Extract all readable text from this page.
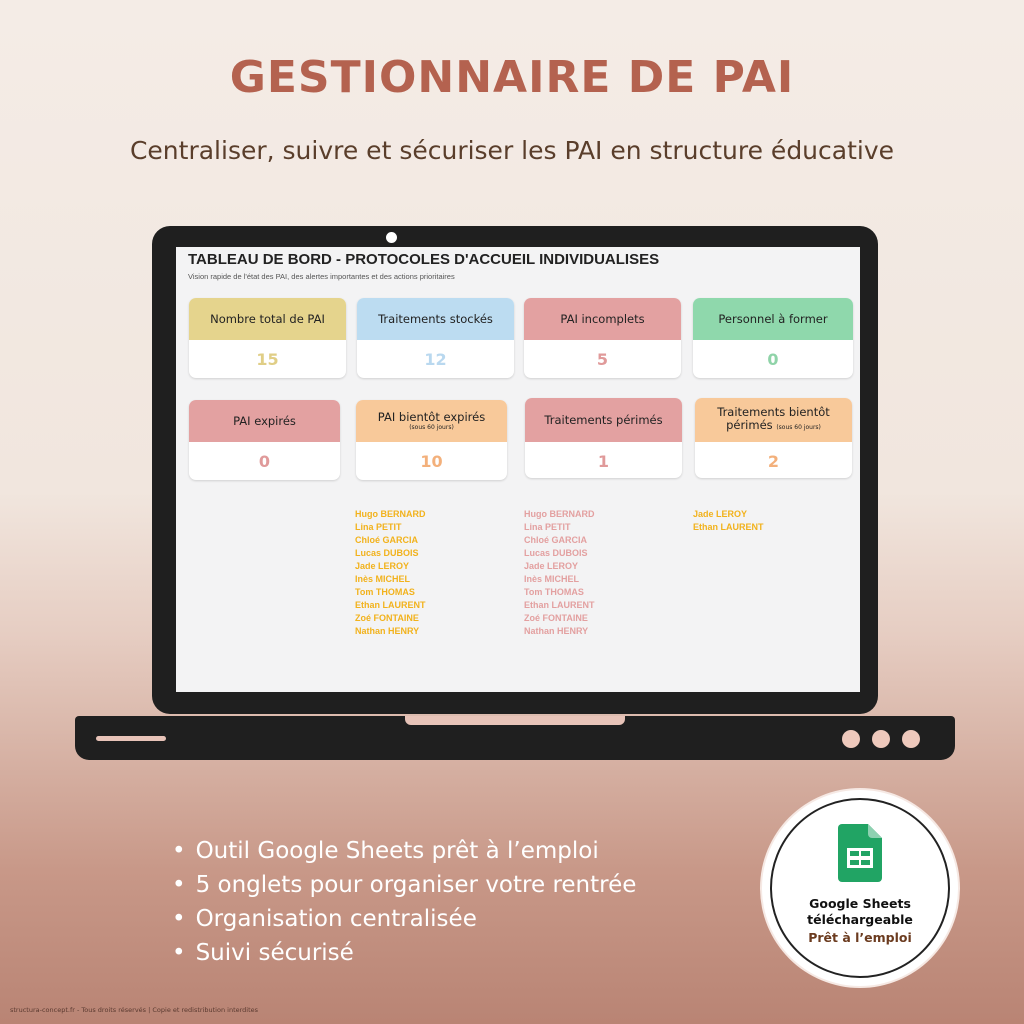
GESTIONNAIRE DE PAI

Centraliser, suivre et sécuriser les PAI en structure éducative

TABLEAU DE BORD - PROTOCOLES D'ACCUEIL INDIVIDUALISES
Vision rapide de l'état des PAI, des alertes importantes et des actions prioritaires
Nombre total de PAI
15
Traitements stockés
12
PAI incomplets
5
Personnel à former
0
PAI expirés
0
PAI bientôt expirés
(sous 60 jours)
10
Traitements périmés
1
Traitements bientôt
périmés (sous 60 jours)
2
Hugo BERNARD
Lina PETIT
Chloé GARCIA
Lucas DUBOIS
Jade LEROY
Inès MICHEL
Tom THOMAS
Ethan LAURENT
Zoé FONTAINE
Nathan HENRY
Hugo BERNARD
Lina PETIT
Chloé GARCIA
Lucas DUBOIS
Jade LEROY
Inès MICHEL
Tom THOMAS
Ethan LAURENT
Zoé FONTAINE
Nathan HENRY
Jade LEROY
Ethan LAURENT
• Outil Google Sheets prêt à l’emploi
• 5 onglets pour organiser votre rentrée
• Organisation centralisée
• Suivi sécurisé
Google Sheets
téléchargeable
Prêt à l’emploi
structura-concept.fr - Tous droits réservés | Copie et redistribution interdites
